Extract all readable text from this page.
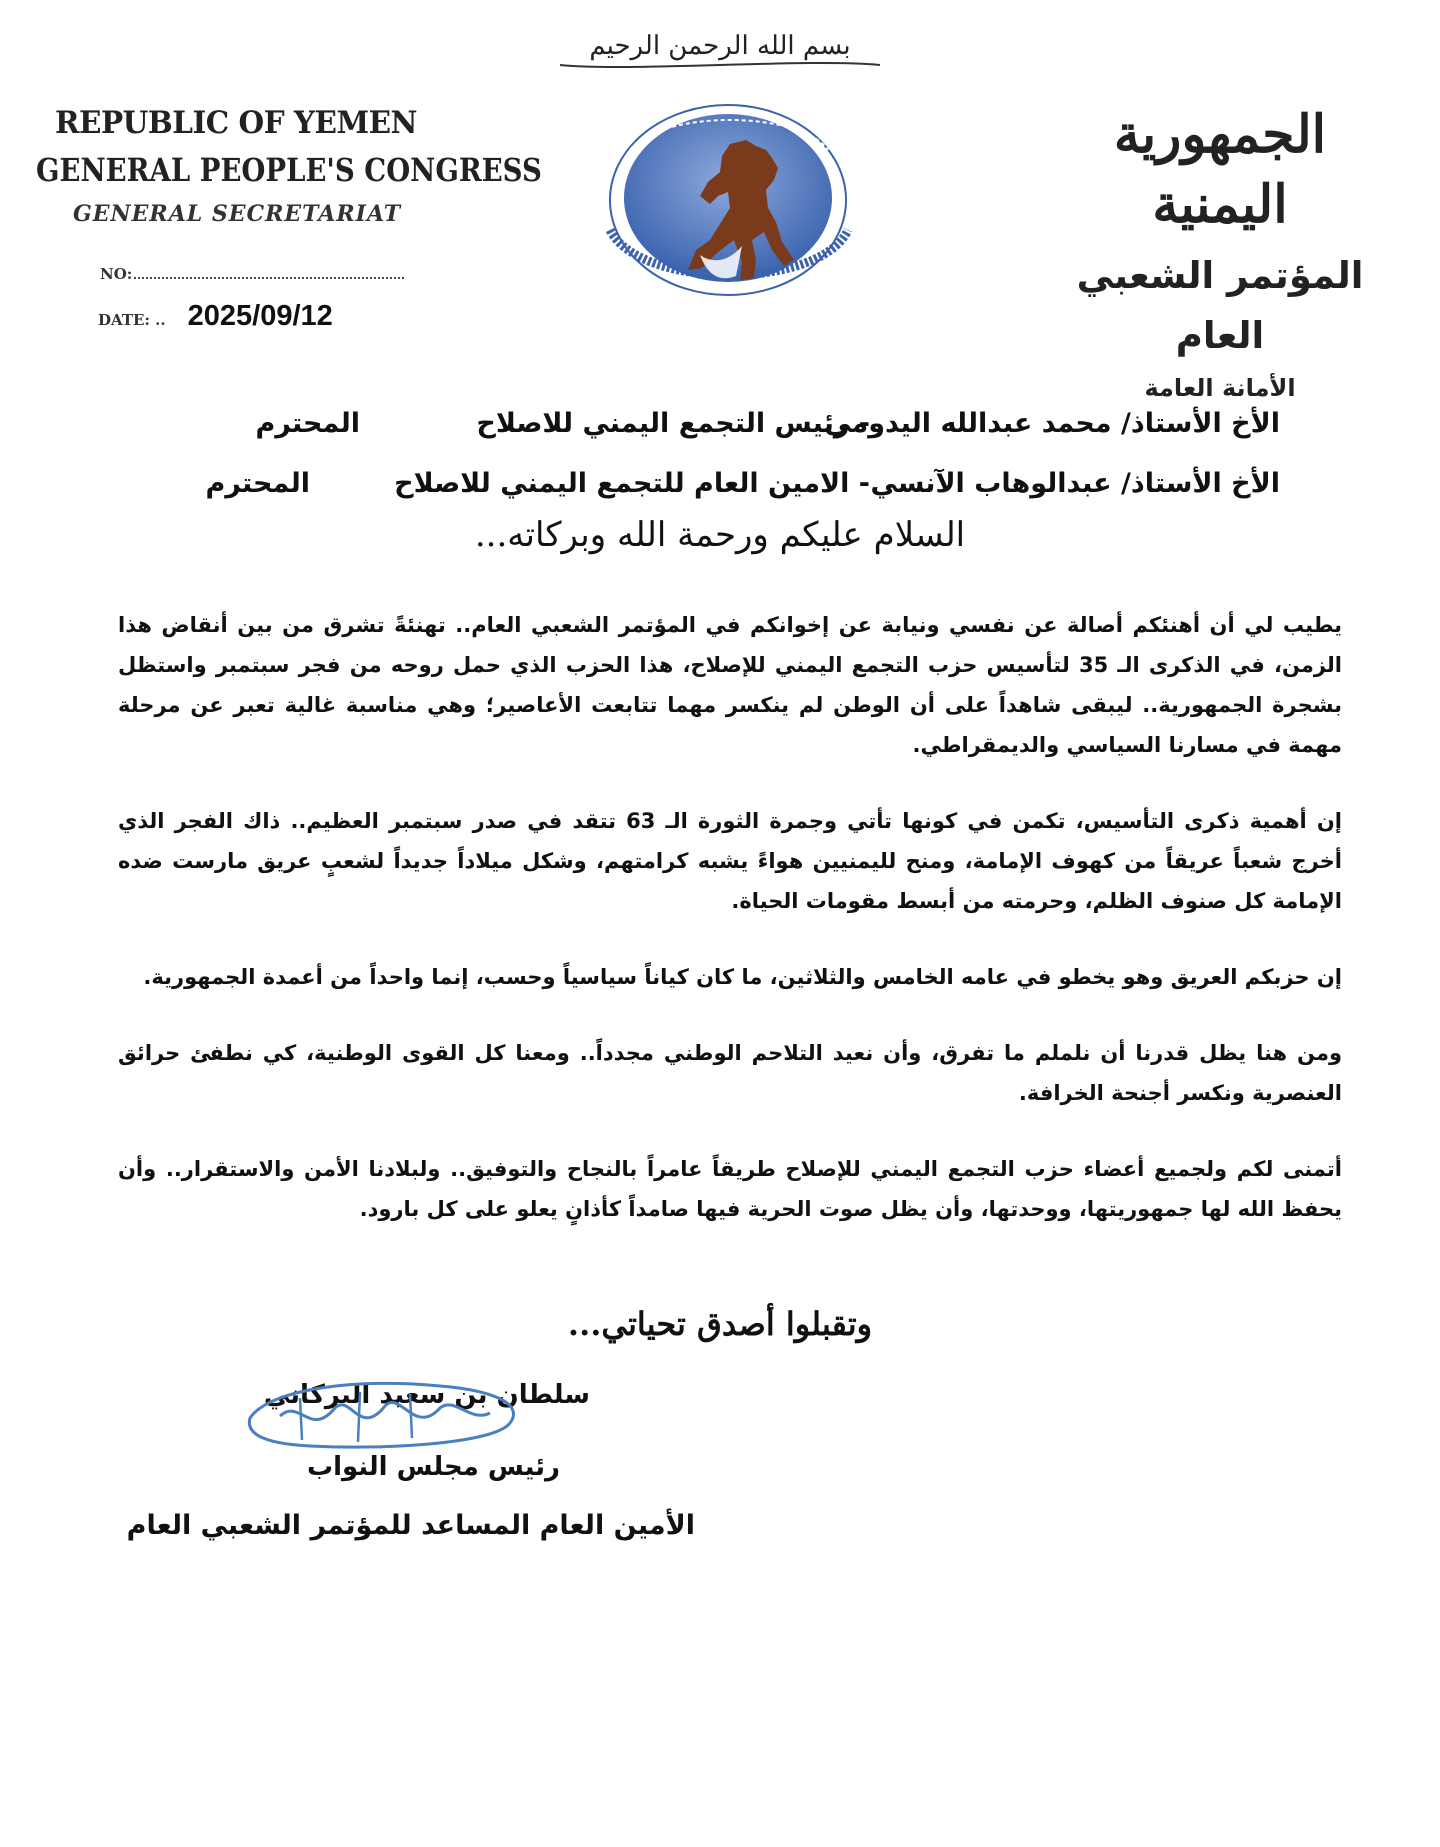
بسم الله الرحمن الرحيم
REPUBLIC OF YEMEN
GENERAL PEOPLE'S CONGRESS
GENERAL SECRETARIAT
NO:
DATE: .. 2025/09/12
الجمهورية اليمنية
المؤتمر الشعبي العام
الأمانة العامة
الأخ الأستاذ/ محمد عبدالله اليدومي- رئيس التجمع اليمني للاصلاحالمحترم
الأخ الأستاذ/ عبدالوهاب الآنسي- الامين العام للتجمع اليمني للاصلاحالمحترم
السلام عليكم ورحمة الله وبركاته...

يطيب لي أن أهنئكم أصالة عن نفسي ونيابة عن إخوانكم في المؤتمر الشعبي العام.. تهنئةً تشرق من بين أنقاض هذا الزمن، في الذكرى الـ 35 لتأسيس حزب التجمع اليمني للإصلاح، هذا الحزب الذي حمل روحه من فجر سبتمبر واستظل بشجرة الجمهورية.. ليبقى شاهداً على أن الوطن لم ينكسر مهما تتابعت الأعاصير؛ وهي مناسبة غالية تعبر عن مرحلة مهمة في مسارنا السياسي والديمقراطي.

إن أهمية ذكرى التأسيس، تكمن في كونها تأتي وجمرة الثورة الـ 63 تتقد في صدر سبتمبر العظيم.. ذاك الفجر الذي أخرج شعباً عريقاً من كهوف الإمامة، ومنح لليمنيين هواءً يشبه كرامتهم، وشكل ميلاداً جديداً لشعبٍ عريق مارست ضده الإمامة كل صنوف الظلم، وحرمته من أبسط مقومات الحياة.

إن حزبكم العريق وهو يخطو في عامه الخامس والثلاثين، ما كان كياناً سياسياً وحسب، إنما واحداً من أعمدة الجمهورية.

ومن هنا يظل قدرنا أن نلملم ما تفرق، وأن نعيد التلاحم الوطني مجدداً.. ومعنا كل القوى الوطنية، كي نطفئ حرائق العنصرية ونكسر أجنحة الخرافة.

أتمنى لكم ولجميع أعضاء حزب التجمع اليمني للإصلاح طريقاً عامراً بالنجاح والتوفيق.. ولبلادنا الأمن والاستقرار.. وأن يحفظ الله لها جمهوريتها، ووحدتها، وأن يظل صوت الحرية فيها صامداً كأذانٍ يعلو على كل بارود.

وتقبلوا أصدق تحياتي...
سلطان بن سعيد البركاني
رئيس مجلس النواب
الأمين العام المساعد للمؤتمر الشعبي العام
